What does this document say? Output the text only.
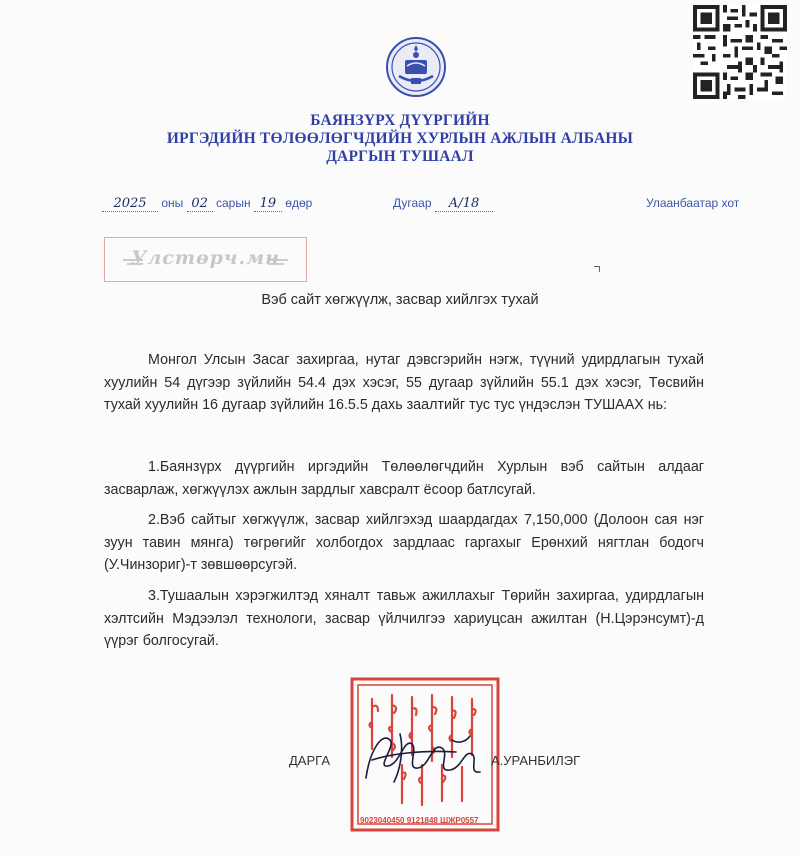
БАЯНЗҮРХ ДҮҮРГИЙН
ИРГЭДИЙН ТӨЛӨӨЛӨГЧДИЙН ХУРЛЫН АЖЛЫН АЛБАНЫ
ДАРГЫН ТУШААЛ
2025 оны 02 сарын 19 өдөр	Дугаар А/18	Улаанбаатар хот
Улстөрч.мн
Вэб сайт хөгжүүлж, засвар хийлгэх тухай

Монгол Улсын Засаг захиргаа, нутаг дэвсгэрийн нэгж, түүний удирдлагын тухай хуулийн 54 дүгээр зүйлийн 54.4 дэх хэсэг, 55 дугаар зүйлийн 55.1 дэх хэсэг, Төсвийн тухай хуулийн 16 дугаар зүйлийн 16.5.5 дахь заалтийг тус тус үндэслэн ТУШААХ нь:

1.Баянзүрх дүүргийн иргэдийн Төлөөлөгчдийн Хурлын вэб сайтын алдааг засварлаж, хөгжүүлэх ажлын зардлыг хавсралт ёсоор батлсугай.

2.Вэб сайтыг хөгжүүлж, засвар хийлгэхэд шаардагдах 7,150,000 (Долоон сая нэг зуун тавин мянга) төгрөгийг холбогдох зардлаас гаргахыг Ерөнхий нягтлан бодогч (У.Чинзориг)-т зөвшөөрсугэй.

3.Тушаалын хэрэгжилтэд хяналт тавьж ажиллахыг Төрийн захиргаа, удирдлагын хэлтсийн Мэдээлэл технологи, засвар үйлчилгээ хариуцсан ажилтан (Н.Цэрэнсумт)-д үүрэг болгосугай.

9023040450 9121848 ШЖР0557
ДАРГА	А.УРАНБИЛЭГ
